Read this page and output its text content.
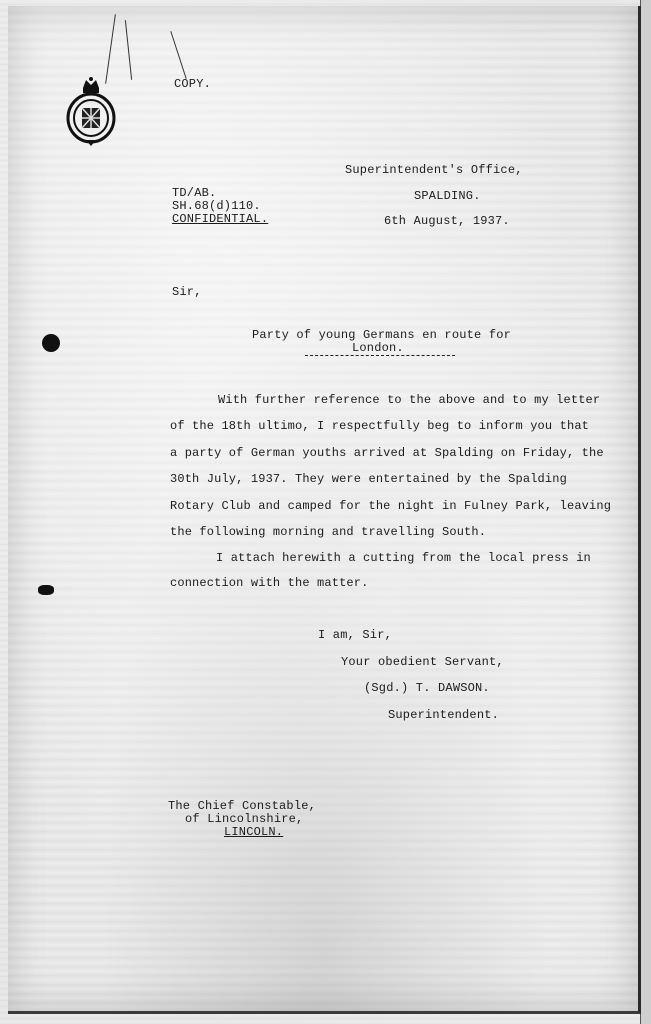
COPY.
Superintendent's Office,
SPALDING.
6th August, 1937.
TD/AB.
SH.68(d)110.
CONFIDENTIAL.
Sir,
Party of young Germans en route for
London.
With further reference to the above and to my letter
of the 18th ultimo, I respectfully beg to inform you that
a party of German youths arrived at Spalding on Friday, the
30th July, 1937. They were entertained by the Spalding
Rotary Club and camped for the night in Fulney Park, leaving
the following morning and travelling South.
I attach herewith a cutting from the local press in
connection with the matter.
I am, Sir,
Your obedient Servant,
(Sgd.) T. DAWSON.
Superintendent.
The Chief Constable,
of Lincolnshire,
LINCOLN.
